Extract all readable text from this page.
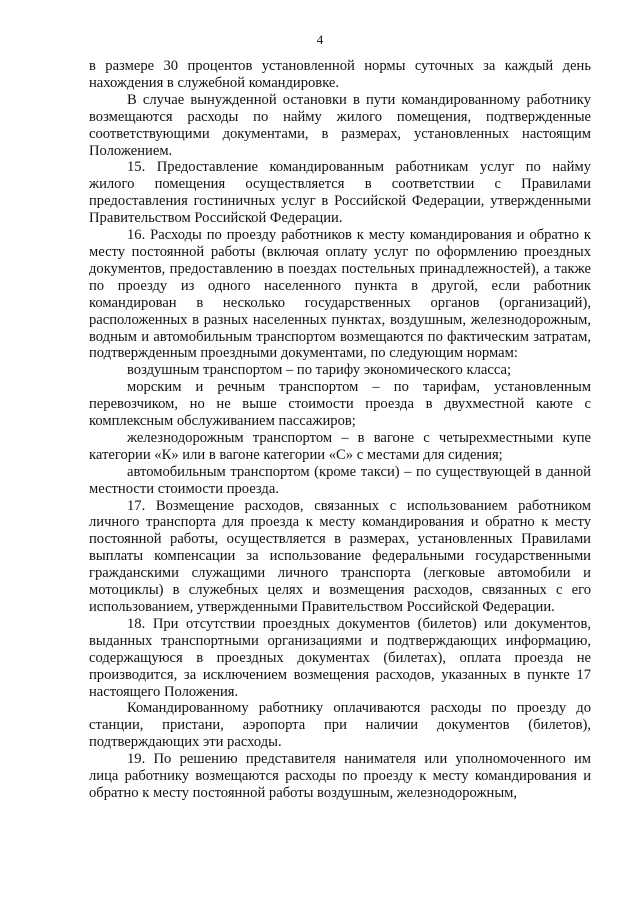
4

в размере 30 процентов установленной нормы суточных за каждый день нахождения в служебной командировке.

В случае вынужденной остановки в пути командированному работнику возмещаются расходы по найму жилого помещения, подтвержденные соответствующими документами, в размерах, установленных настоящим Положением.

15. Предоставление командированным работникам услуг по найму жилого помещения осуществляется в соответствии с Правилами предоставления гостиничных услуг в Российской Федерации, утвержденными Правительством Российской Федерации.

16. Расходы по проезду работников к месту командирования и обратно к месту постоянной работы (включая оплату услуг по оформлению проездных документов, предоставлению в поездах постельных принадлежностей), а также по проезду из одного населенного пункта в другой, если работник командирован в несколько государственных органов (организаций), расположенных в разных населенных пунктах, воздушным, железнодорожным, водным и автомобильным транспортом возмещаются по фактическим затратам, подтвержденным проездными документами, по следующим нормам:

воздушным транспортом – по тарифу экономического класса;

морским и речным транспортом – по тарифам, установленным перевозчиком, но не выше стоимости проезда в двухместной каюте с комплексным обслуживанием пассажиров;

железнодорожным транспортом – в вагоне с четырехместными купе категории «К» или в вагоне категории «С» с местами для сидения;

автомобильным транспортом (кроме такси) – по существующей в данной местности стоимости проезда.

17. Возмещение расходов, связанных с использованием работником личного транспорта для проезда к месту командирования и обратно к месту постоянной работы, осуществляется в размерах, установленных Правилами выплаты компенсации за использование федеральными государственными гражданскими служащими личного транспорта (легковые автомобили и мотоциклы) в служебных целях и возмещения расходов, связанных с его использованием, утвержденными Правительством Российской Федерации.

18. При отсутствии проездных документов (билетов) или документов, выданных транспортными организациями и подтверждающих информацию, содержащуюся в проездных документах (билетах), оплата проезда не производится, за исключением возмещения расходов, указанных в пункте 17 настоящего Положения.

Командированному работнику оплачиваются расходы по проезду до станции, пристани, аэропорта при наличии документов (билетов), подтверждающих эти расходы.

19. По решению представителя нанимателя или уполномоченного им лица работнику возмещаются расходы по проезду к месту командирования и обратно к месту постоянной работы воздушным, железнодорожным,
